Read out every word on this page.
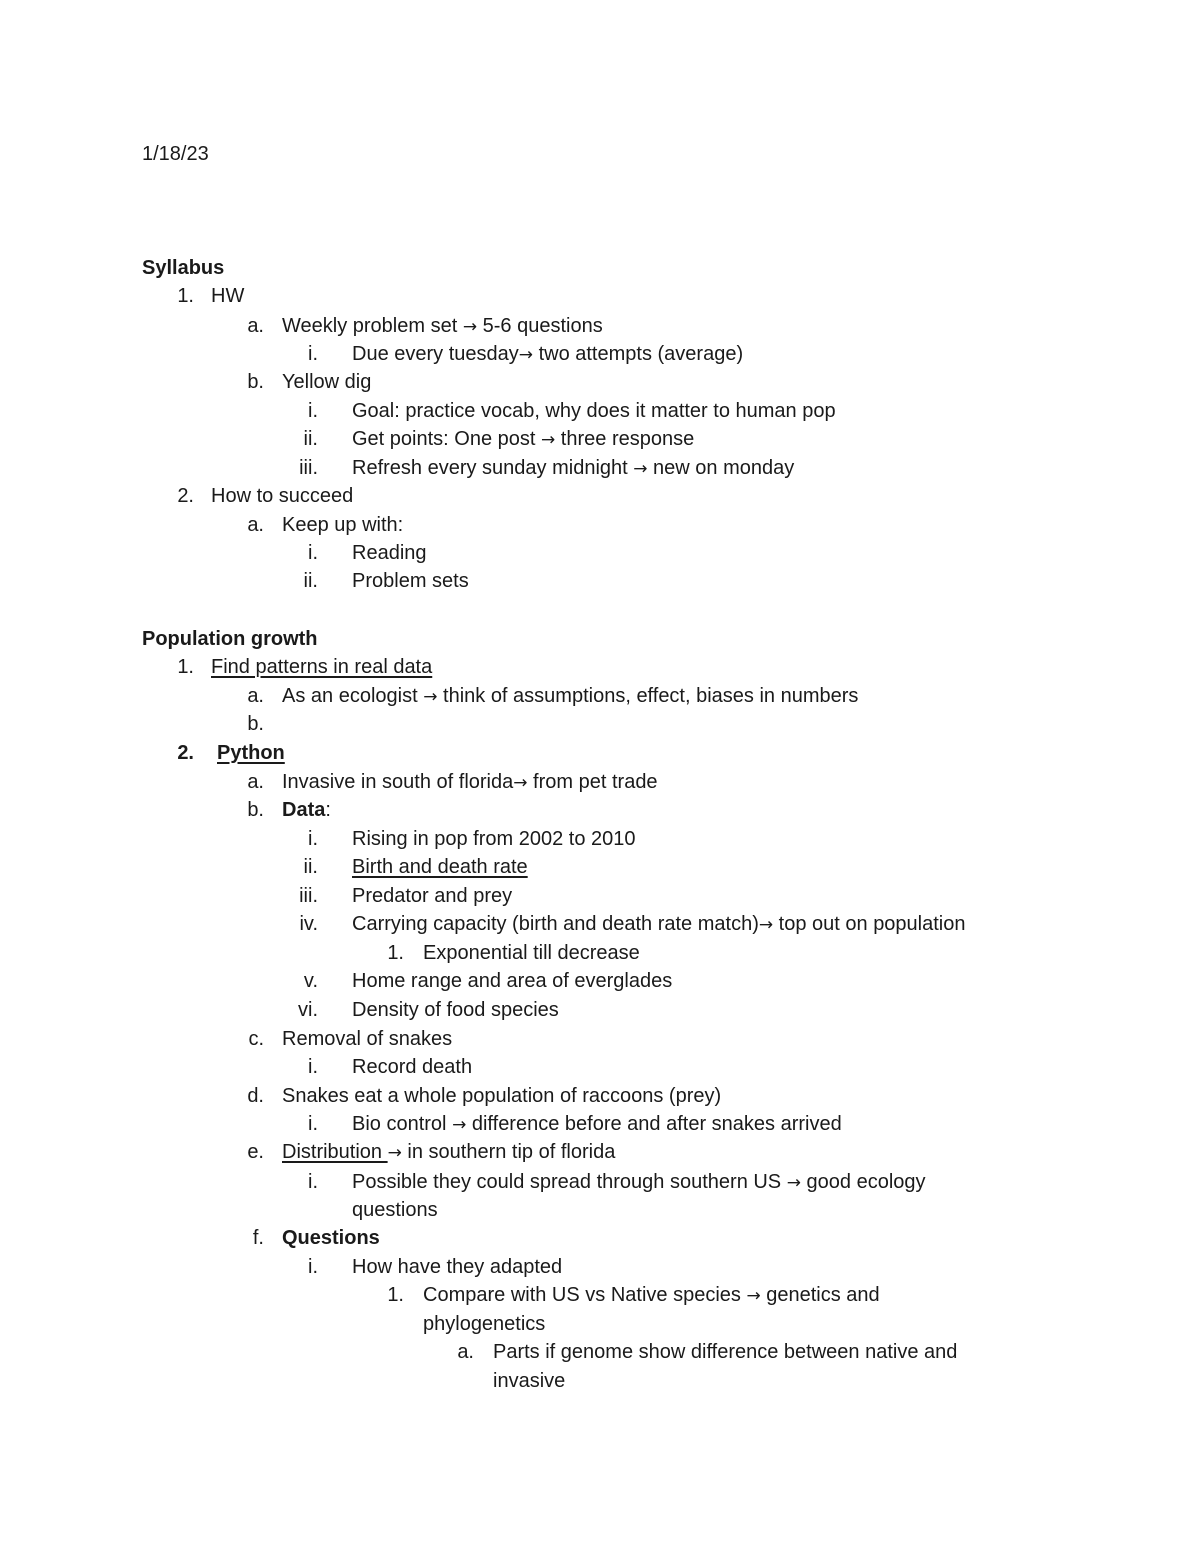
1/18/23
Syllabus
1. HW
a. Weekly problem set → 5-6 questions
i. Due every tuesday→ two attempts (average)
b. Yellow dig
i. Goal: practice vocab, why does it matter to human pop
ii. Get points: One post → three response
iii. Refresh every sunday midnight → new on monday
2. How to succeed
a. Keep up with:
i. Reading
ii. Problem sets
Population growth
1. Find patterns in real data
a. As an ecologist → think of assumptions, effect, biases in numbers
b.
2. Python
a. Invasive in south of florida→ from pet trade
b. Data:
i. Rising in pop from 2002 to 2010
ii. Birth and death rate
iii. Predator and prey
iv. Carrying capacity (birth and death rate match)→ top out on population
1. Exponential till decrease
v. Home range and area of everglades
vi. Density of food species
c. Removal of snakes
i. Record death
d. Snakes eat a whole population of raccoons (prey)
i. Bio control → difference before and after snakes arrived
e. Distribution → in southern tip of florida
i. Possible they could spread through southern US → good ecology
questions
f. Questions
i. How have they adapted
1. Compare with US vs Native species → genetics and
phylogenetics
a. Parts if genome show difference between native and
invasive
